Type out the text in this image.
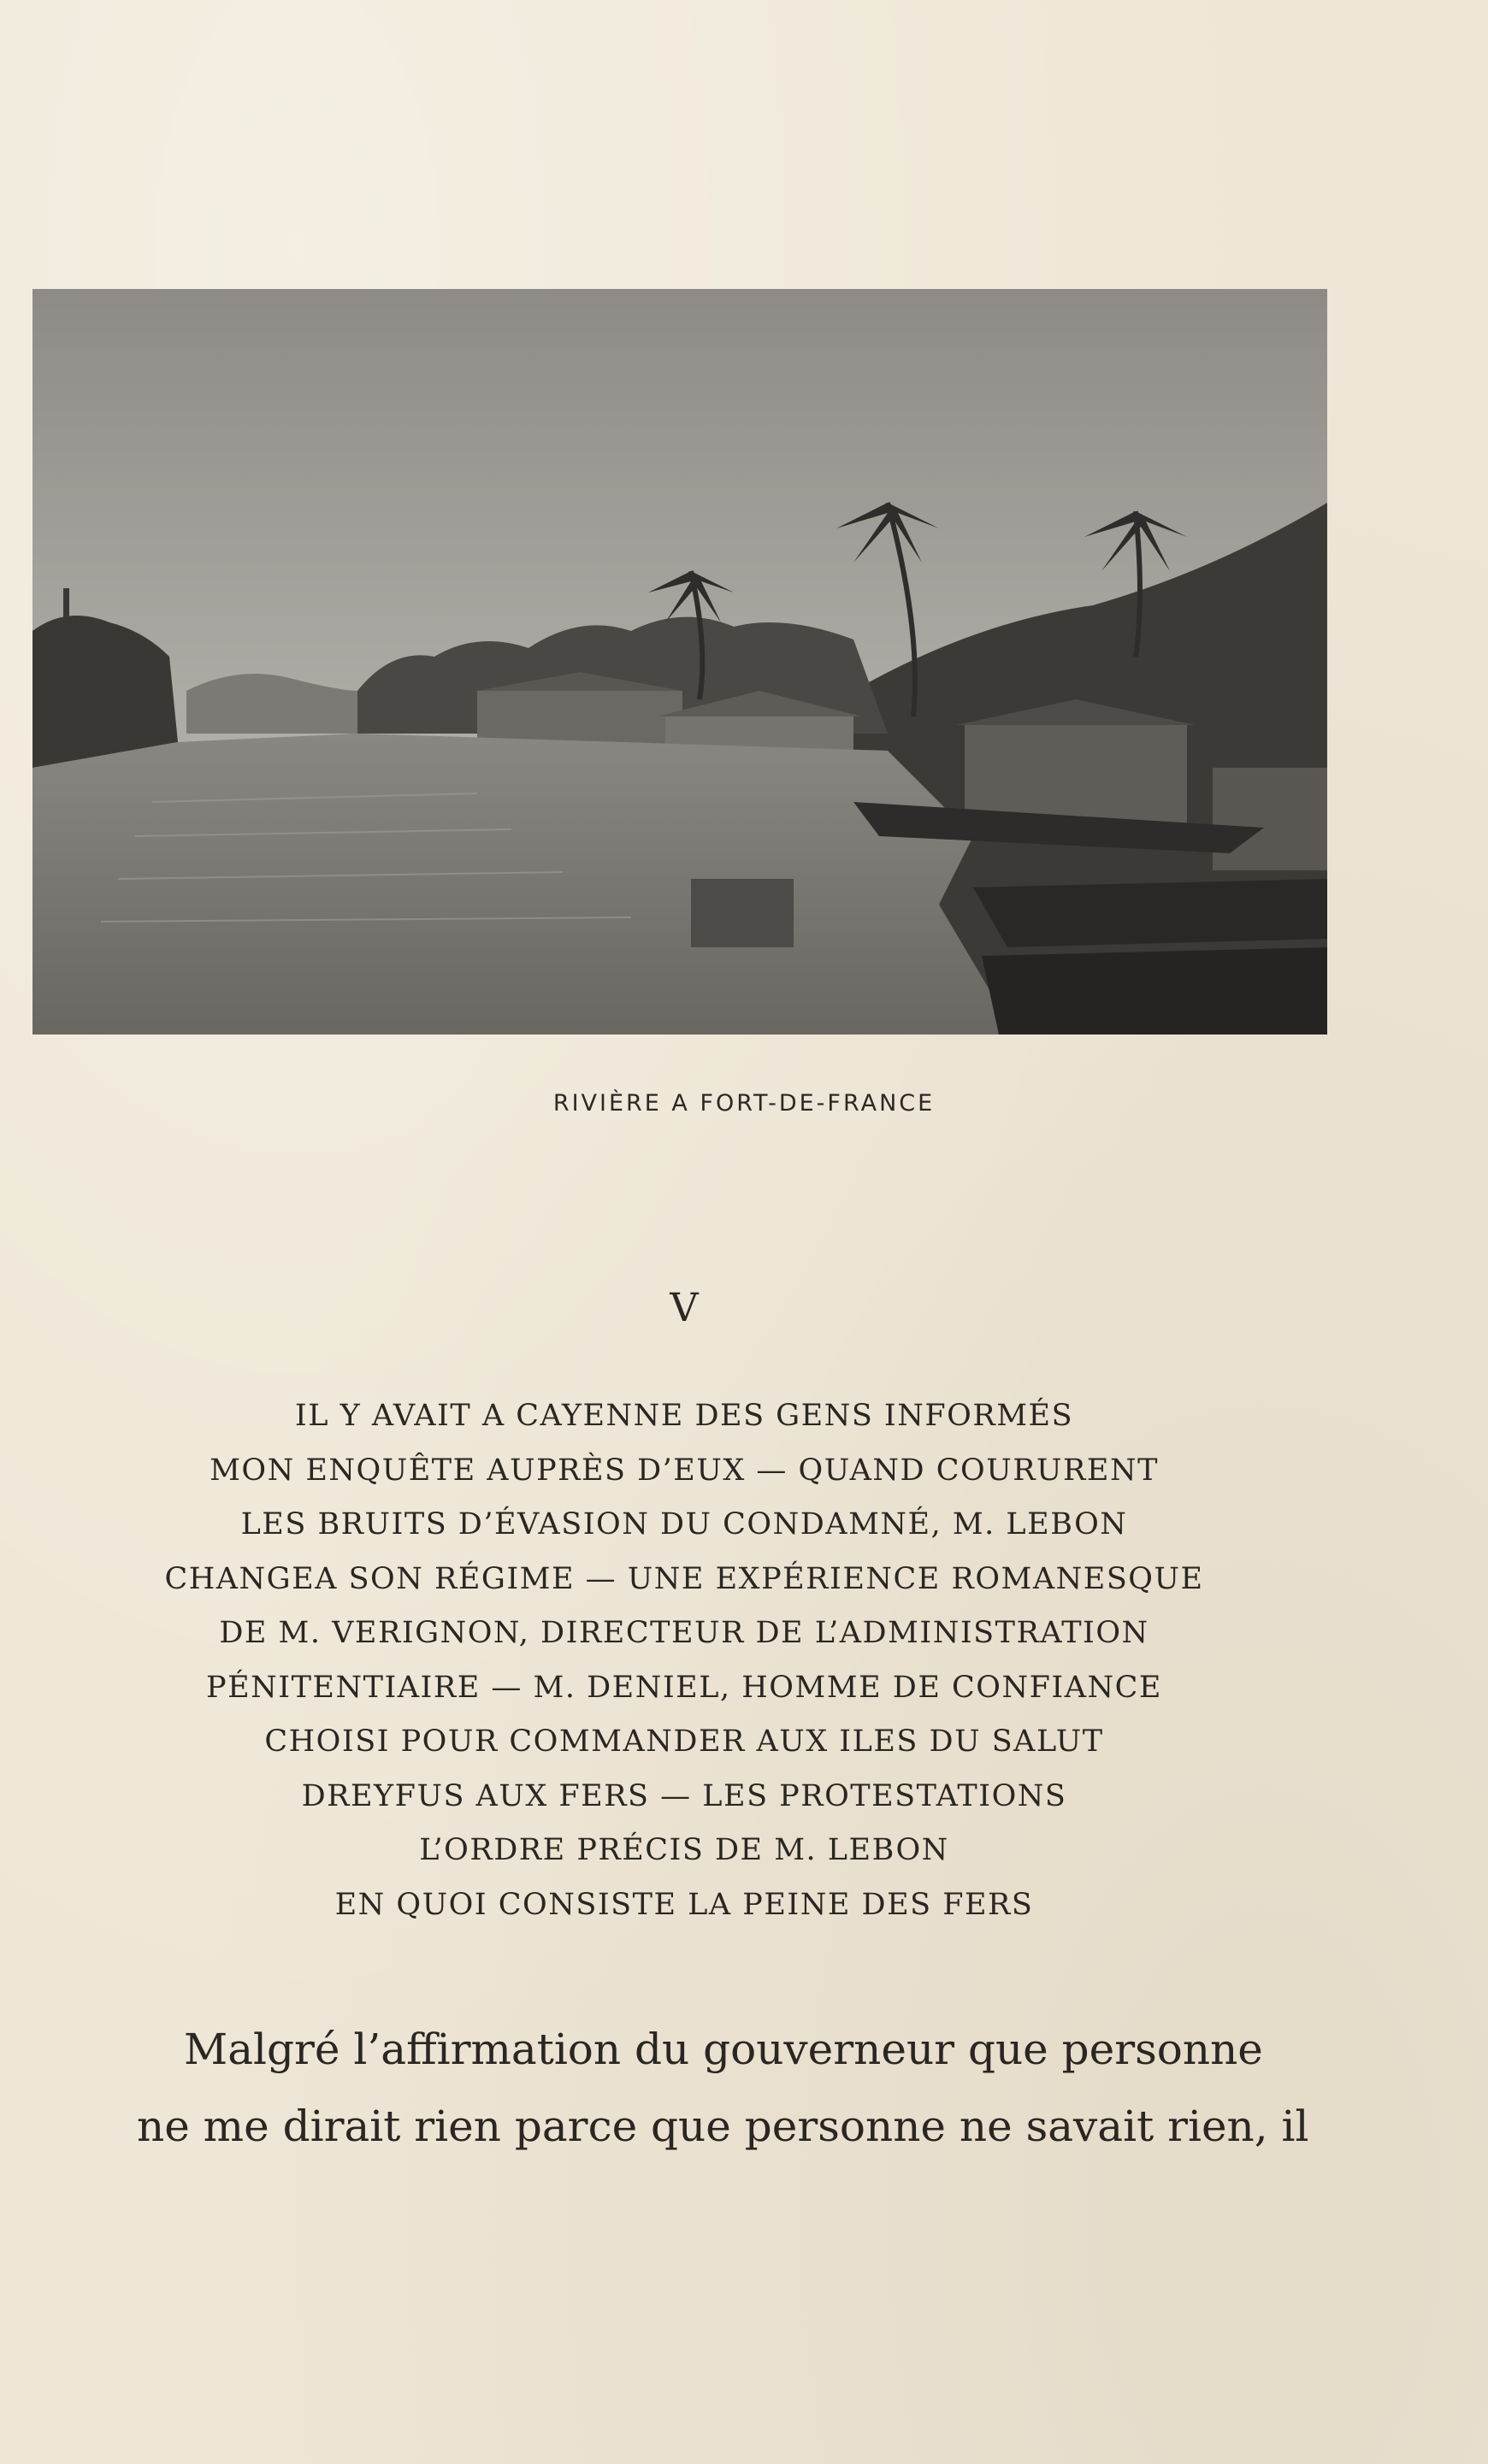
RIVIÈRE A FORT-DE-FRANCE
V
IL Y AVAIT A CAYENNE DES GENS INFORMÉS
MON ENQUÊTE AUPRÈS D’EUX — QUAND COURURENT
LES BRUITS D’ÉVASION DU CONDAMNÉ, M. LEBON
CHANGEA SON RÉGIME — UNE EXPÉRIENCE ROMANESQUE
DE M. VERIGNON, DIRECTEUR DE L’ADMINISTRATION
PÉNITENTIAIRE — M. DENIEL, HOMME DE CONFIANCE
CHOISI POUR COMMANDER AUX ILES DU SALUT
DREYFUS AUX FERS — LES PROTESTATIONS
L’ORDRE PRÉCIS DE M. LEBON
EN QUOI CONSISTE LA PEINE DES FERS

Malgré l’affirmation du gouverneur que personne
ne me dirait rien parce que personne ne savait rien, il
